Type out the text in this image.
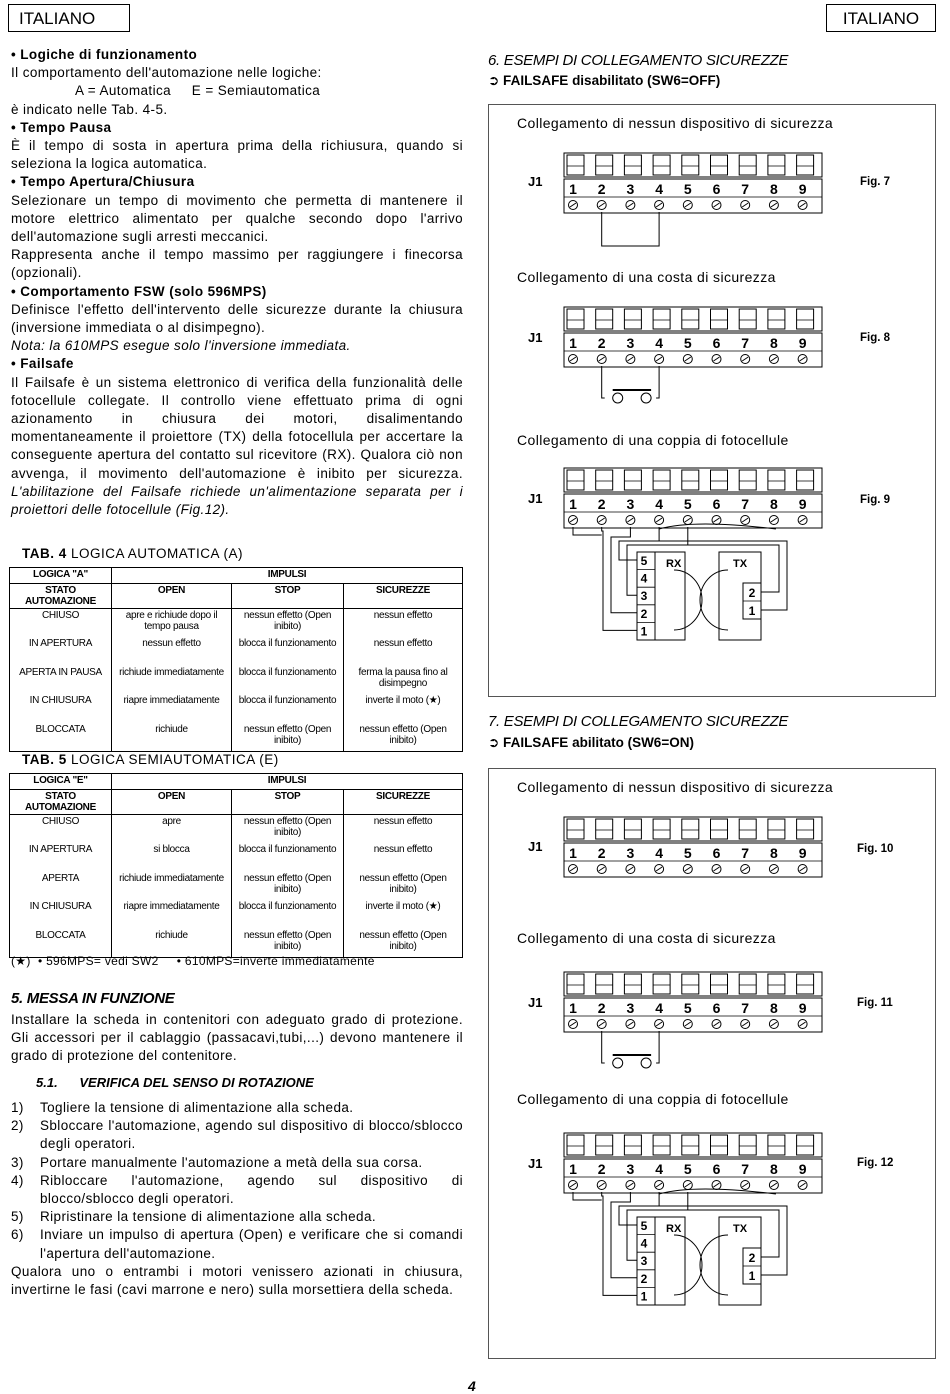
ITALIANO	ITALIANO

• Logiche di funzionamento

Il comportamento dell'automazione nelle logiche:

A = Automatica     E = Semiautomatica

è indicato nelle Tab. 4-5.

• Tempo Pausa

È il tempo di sosta in apertura prima della richiusura, quando si seleziona la logica automatica.

• Tempo Apertura/Chiusura

Selezionare un tempo di movimento che permetta di mantenere il motore elettrico alimentato per qualche secondo dopo l'arrivo dell'automazione sugli arresti meccanici.

Rappresenta anche il tempo massimo per raggiungere i finecorsa (opzionali).

• Comportamento FSW (solo 596MPS)

Definisce l'effetto dell'intervento delle sicurezze durante la chiusura (inversione immediata o al disimpegno).

Nota: la 610MPS esegue solo l'inversione immediata.

• Failsafe

Il Failsafe è un sistema elettronico di verifica della funzionalità delle fotocellule collegate. Il controllo viene effettuato prima di ogni azionamento in chiusura dei motori, disalimentando momentaneamente il proiettore (TX) della fotocellula per accertare la conseguente apertura del contatto sul ricevitore (RX). Qualora ciò non avvenga, il movimento dell'automazione è inibito per sicurezza. L'abilitazione del Failsafe richiede un'alimentazione separata per i proiettori delle fotocellule (Fig.12).

TAB. 4 LOGICA AUTOMATICA (A)
LOGICA "A"	IMPULSI		
STATO AUTOMAZIONE	OPEN	STOP	SICUREZZE
CHIUSO	apre e richiude dopo il tempo pausa	nessun effetto (Open inibito)	nessun effetto
IN APERTURA	nessun effetto	blocca il funzionamento	nessun effetto
APERTA IN PAUSA	richiude immediatamente	blocca il funzionamento	ferma la pausa fino al disimpegno
IN CHIUSURA	riapre immediatamente	blocca il funzionamento	inverte il moto (★)
BLOCCATA	richiude	nessun effetto (Open inibito)	nessun effetto (Open inibito)
TAB. 5 LOGICA SEMIAUTOMATICA (E)
LOGICA "E"	IMPULSI		
STATO AUTOMAZIONE	OPEN	STOP	SICUREZZE
CHIUSO	apre	nessun effetto (Open inibito)	nessun effetto
IN APERTURA	si blocca	blocca il funzionamento	nessun effetto
APERTA	richiude immediatamente	nessun effetto (Open inibito)	nessun effetto (Open inibito)
IN CHIUSURA	riapre immediatamente	blocca il funzionamento	inverte il moto (★)
BLOCCATA	richiude	nessun effetto (Open inibito)	nessun effetto (Open inibito)
(★) • 596MPS= vedi SW2 • 610MPS=inverte immediatamente
5. MESSA IN FUNZIONE
Installare la scheda in contenitori con adeguato grado di protezione. Gli accessori per il cablaggio (passacavi,tubi,...) devono mantenere il grado di protezione del contenitore.
5.1.      VERIFICA DEL SENSO DI ROTAZIONE
1)	Togliere la tensione di alimentazione alla scheda.
2)	Sbloccare l'automazione, agendo sul dispositivo di blocco/sblocco degli operatori.
3)	Portare manualmente l'automazione a metà della sua corsa.
4)	Ribloccare l'automazione, agendo sul dispositivo di blocco/sblocco degli operatori.
5)	Ripristinare la tensione di alimentazione alla scheda.
6)	Inviare un impulso di apertura (Open) e verificare che si comandi l'apertura dell'automazione.
Qualora uno o entrambi i motori venissero azionati in chiusura, invertirne le fasi (cavi marrone e nero) sulla morsettiera della scheda.
6. ESEMPI DI COLLEGAMENTO SICUREZZE
➲ FAILSAFE disabilitato (SW6=OFF)
7. ESEMPI DI COLLEGAMENTO SICUREZZE
➲ FAILSAFE abilitato (SW6=ON)
Collegamento di nessun dispositivo di sicurezza
Collegamento di una costa di sicurezza
Collegamento di una coppia di fotocellule
Collegamento di nessun dispositivo di sicurezza
Collegamento di una costa di sicurezza
Collegamento di una coppia di fotocellule
Fig. 7
Fig. 8
Fig. 9
Fig. 10
Fig. 11
Fig. 12
J1
J1
J1
J1
J1
J1
1 2 3 4 5 6 7 8 9
1 2 3 4 5 6 7 8 9
1 2 3 4 5 6 7 8 9
5
4
3
2
1
RX	TX
2
1
1 2 3 4 5 6 7 8 9
1 2 3 4 5 6 7 8 9
1 2 3 4 5 6 7 8 9
5
4
3
2
1
RX	TX
2
1
4
